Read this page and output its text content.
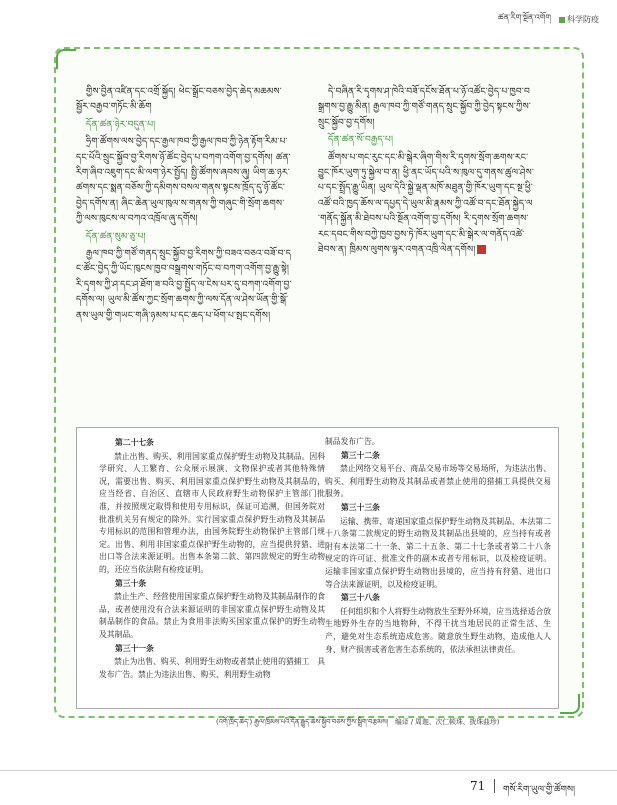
ཚན་རིག་སྔོན་འགོག	科学防疫

གྱིས་བྱིན་འཛིན་དང་འགྲོ་སྐྱོད། ཕེང་སྒྲོང་བཅས་བྱེད་ཆེད་མཆམས་སྦྱོར་བརྒྱབ་གཏོང་མི་ཆོག

དོན་ཚན་ཉེར་བདུན་པ།

ཧྲིག་ཚོགས་ལས་བྱེད་དང་རྒྱལ་ཁབ་ཀྱི་རྒྱལ་ཁབ་ཀྱི་ཉེན་རྟོག་རིམ་པ་དང་པོའི་སྲུང་སྐྱོབ་བྱ་རིགས་ཉོ་ཚོང་བྱེད་པ་བཀག་འགོག་བྱ་དགོས། ཚན་རིག་ཞིབ་འཇུག་དང་མི་ལག་ཉེར་སྤྱོད། སྤྱི་ཚོགས་ཞབས་ཞུ། ཡིག་ཆ་ཉར་ཚགས་དང་སྨན་བཅོས་ཀྱི་དམིགས་བསལ་གནས་སྟངས་ཁྲོད་དུ་ཉོ་ཚོང་བྱེད་དགོས་ན། ཞིང་ཆེན་ཡུལ་ཁུལ་ས་གནས་ཀྱི་གཞུང་གི་སྲོག་ཆགས་ཀྱི་ལས་ཁུངས་ལ་བཀའ་འཁྲོལ་ཞུ་དགོས།

དོན་ཚན་སུམ་ཅུ་པ།

རྒྱལ་ཁབ་ཀྱི་གཙོ་གནད་སྲུང་སྐྱོབ་བྱ་རིགས་ཀྱི་བཟའ་བཅའ་བཟོ་བ་དང་ཚོང་བྱེད་ཀྱི་ཡོང་ཁུངས་ཁྱབ་བསྒྲགས་གཏོང་བ་བཀག་འགོག་བྱ་རྒྱུ་སྟེ། རི་དྭགས་ཀྱི་ཤ་དང་ཤ་ཐོག་ཟ་བའི་བྱ་སྤྱོད་ལ་ངེས་པར་དུ་བཀག་འགོག་བྱ་དགོས་ལ། ཡུལ་མི་ཚོས་ཀྱང་སྲོག་ཆགས་ཀྱི་ལས་དོན་ལ་ཤེས་ཡོན་གྱི་སྒོ་ནས་ཡུལ་གྱི་གཡང་གཞི་ཉམས་པ་དང་ཆད་པ་ཕོག་པ་སྤང་དགོས།

དེ་བཞིན་རི་དྭགས་ཤ་ཁེའི་བཟོ་དངོས་ཐོན་པ་ཉོ་འཚོང་བྱེད་པ་ཁྱབ་བསྒྲགས་བྱ་རྒྱུ་མིན། རྒྱལ་ཁབ་ཀྱི་གཙོ་གནད་སྲུང་སྐྱོབ་ཀྱི་བྱེད་སྟངས་ཀྱིས་སྲུང་སྐྱོབ་བྱ་དགོས།

དོན་ཚན་སོ་བརྒྱད་པ།

ཚོགས་པ་གང་རུང་དང་མི་སྒེར་ཞིག་གིས་རི་དྭགས་སྲོག་ཆགས་རང་བྱུང་ཁོར་ཡུག་ཏུ་སྐྱེལ་བ་ན། ཕྱི་ནང་ཡོད་པའི་ས་ཁུལ་དུ་གནས་ཚུལ་ཤེས་པ་དང་སྤྲོད་རྒྱུ་ཡིན། ཡུལ་དེའི་སྐྱེ་ལྡན་མཁོ་མཐུན་གྱི་ཁོར་ཡུག་དང་སྔ་ཕྱི་འཚོ་བའི་ཁྱད་ཆོས་ལ་དཔྱད་དེ་ཡུལ་མི་རྣམས་ཀྱི་འཚོ་བ་དང་ཐོན་སྐྱེད་ལ་གནོད་སྐྱོན་མི་ཐེབས་པའི་སྔོན་འགོག་བྱ་དགོས། རི་དྭགས་སྲོག་ཆགས་རང་དབང་གིས་བཀྱེ་ཁྱབ་བྱས་ཏེ་ཁོར་ཡུག་དང་མི་སྒེར་ལ་གནོད་འཚེ་ཐེབས་ན། ཁྲིམས་ལུགས་ལྟར་འགན་འཁྲི་ལེན་དགོས།

第二十七条

禁止出售、购买、利用国家重点保护野生动物及其制品。因科学研究、人工繁育、公众展示展演、文物保护或者其他特殊情况，需要出售、购买、利用国家重点保护野生动物及其制品的，应当经省、自治区、直辖市人民政府野生动物保护主管部门批准，并按照规定取得和使用专用标识，保证可追溯，但国务院对批准机关另有规定的除外。实行国家重点保护野生动物及其制品专用标识的范围和管理办法，由国务院野生动物保护主管部门规定。出售、利用非国家重点保护野生动物的，应当提供狩猎、进出口等合法来源证明。出售本条第二款、第四款规定的野生动物的，还应当依法附有检疫证明。

第三十条

禁止生产、经营使用国家重点保护野生动物及其制品制作的食品，或者使用没有合法来源证明的非国家重点保护野生动物及其制品制作的食品。禁止为食用非法购买国家重点保护的野生动物及其制品。

第三十一条

禁止为出售、购买、利用野生动物或者禁止使用的猎捕工　具发布广告。禁止为违法出售、购买、利用野生动物

制品发布广告。

第三十二条

禁止网络交易平台、商品交易市场等交易场所，为违法出售、购买、利用野生动物及其制品或者禁止使用的猎捕工具提供交易服务。

第三十三条

运输、携带、寄递国家重点保护野生动物及其制品、本法第二十八条第二款规定的野生动物及其制品出县境的，应当持有或者附有本法第二十一条、第二十五条、第二十七条或者第二十八条规定的许可证、批准文件的副本或者专用标识，以及检疫证明。运输非国家重点保护野生动物出县境的，应当持有狩猎、进出口等合法来源证明，以及检疫证明。

第三十八条

任何组织和个人将野生动物放生至野外环境，应当选择适合放生地野外生存的当地物种，不得干扰当地居民的正常生活、生产，避免对生态系统造成危害。随意放生野生动物，造成他人人身、财产损害或者危害生态系统的，依法承担法律责任。

(འགོ་ཁྲིད་ཆེད་) རྒྱལ་ཁྲིམས་པའི་དོན་རྒྱུད་ཆེས་སྐྱོབ་བཅས་ཀྱིས་སྒྲིག་བརྩམས།　编译 / 周迦、次仁顿珠、拨珠曲珍)
71 གསོ་རིག་ཡུལ་གྱི་ཚོགས།
